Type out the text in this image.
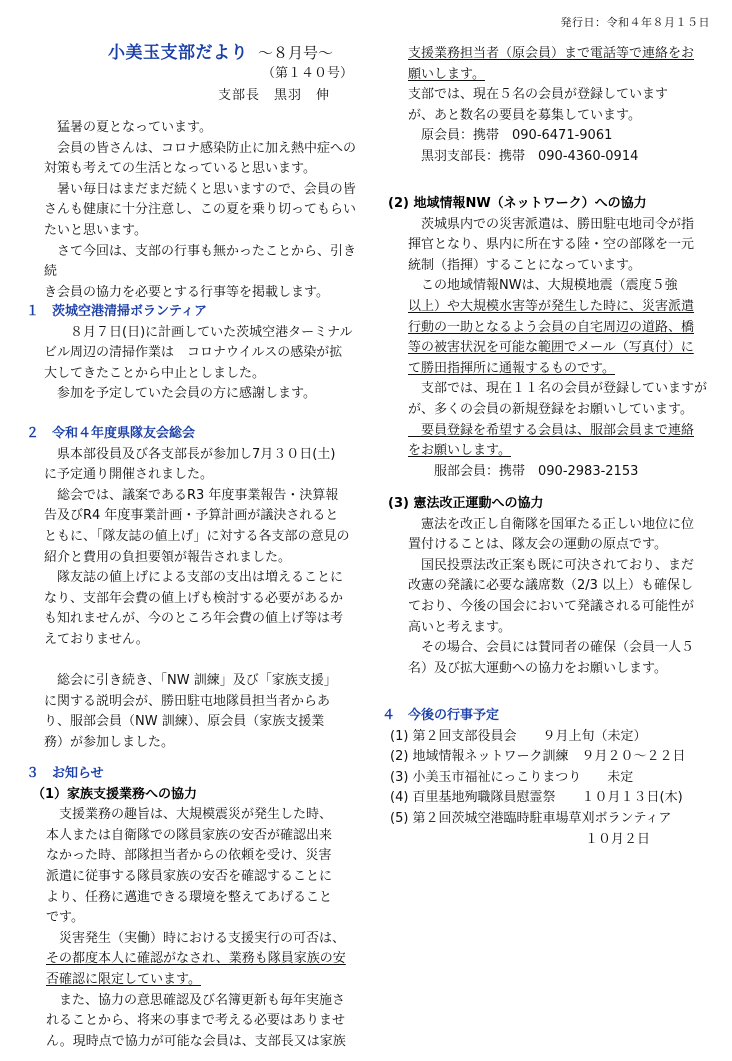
発行日：令和４年８月１５日
小美玉支部だより ～８月号～
（第１４０号）
支部長　黒羽　伸

　猛暑の夏となっています。

　会員の皆さんは、コロナ感染防止に加え熱中症への

対策も考えての生活となっていると思います。

　暑い毎日はまだまだ続くと思いますので、会員の皆

さんも健康に十分注意し、この夏を乗り切ってもらい

たいと思います。

　さて今回は、支部の行事も無かったことから、引き続

き会員の協力を必要とする行事等を掲載します。

１　茨城空港清掃ボランティア

　　８月７日(日)に計画していた茨城空港ターミナル

ビル周辺の清掃作業は　コロナウイルスの感染が拡

大してきたことから中止としました。

　参加を予定していた会員の方に感謝します。

２　令和４年度県隊友会総会

　県本部役員及び各支部長が参加し7月３０日(土)

に予定通り開催されました。

　総会では、議案であるR3 年度事業報告・決算報

告及びR4 年度事業計画・予算計画が議決されると

ともに、「隊友誌の値上げ」に対する各支部の意見の

紹介と費用の負担要領が報告されました。

　隊友誌の値上げによる支部の支出は増えることに

なり、支部年会費の値上げも検討する必要があるか

も知れませんが、今のところ年会費の値上げ等は考

えておりません。

　総会に引き続き、「NW 訓練」及び「家族支援」

に関する説明会が、勝田駐屯地隊員担当者からあ

り、服部会員（NW 訓練）、原会員（家族支援業

務）が参加しました。

３　お知らせ

（1）家族支援業務への協力

　支援業務の趣旨は、大規模震災が発生した時、

本人または自衛隊での隊員家族の安否が確認出来

なかった時、部隊担当者からの依頼を受け、災害

派遣に従事する隊員家族の安否を確認することに

より、任務に邁進できる環境を整えてあげること

です。

　災害発生（実働）時における支援実行の可否は、

その都度本人に確認がなされ、業務も隊員家族の安

否確認に限定しています。

　また、協力の意思確認及び名簿更新も毎年実施さ

れることから、将来の事まで考える必要はありませ

ん。現時点で協力が可能な会員は、支部長又は家族

支援業務担当者（原会員）まで電話等で連絡をお

願いします。

支部では、現在５名の会員が登録しています

が、あと数名の要員を募集しています。

　原会員：携帯　090-6471-9061

　黒羽支部長：携帯　090-4360-0914

(2) 地域情報NW（ネットワーク）への協力

　茨城県内での災害派遣は、勝田駐屯地司令が指

揮官となり、県内に所在する陸・空の部隊を一元

統制（指揮）することになっています。

　この地域情報NWは、大規模地震（震度５強

以上）や大規模水害等が発生した時に、災害派遣

行動の一助となるよう会員の自宅周辺の道路、橋

等の被害状況を可能な範囲でメール（写真付）に

て勝田指揮所に通報するものです。

　支部では、現在１１名の会員が登録していますが

が、多くの会員の新規登録をお願いしています。

　要員登録を希望する会員は、服部会員まで連絡

をお願いします。

　　服部会員：携帯　090-2983-2153

(3) 憲法改正運動への協力

　憲法を改正し自衛隊を国軍たる正しい地位に位

置付けることは、隊友会の運動の原点です。

　国民投票法改正案も既に可決されており、まだ

改憲の発議に必要な議席数（2/3 以上）も確保し

ており、今後の国会において発議される可能性が

高いと考えます。

　その場合、会員には賛同者の確保（会員一人５

名）及び拡大運動への協力をお願いします。

４　今後の行事予定

(1) 第２回支部役員会　　９月上旬（未定）

(2) 地域情報ネットワーク訓練　９月２０～２２日

(3) 小美玉市福祉にっこりまつり　　未定

(4) 百里基地殉職隊員慰霊祭　　１０月１３日(木)

(5) 第２回茨城空港臨時駐車場草刈ボランティア

　　　　　　　　　　　　　　　１０月２日
